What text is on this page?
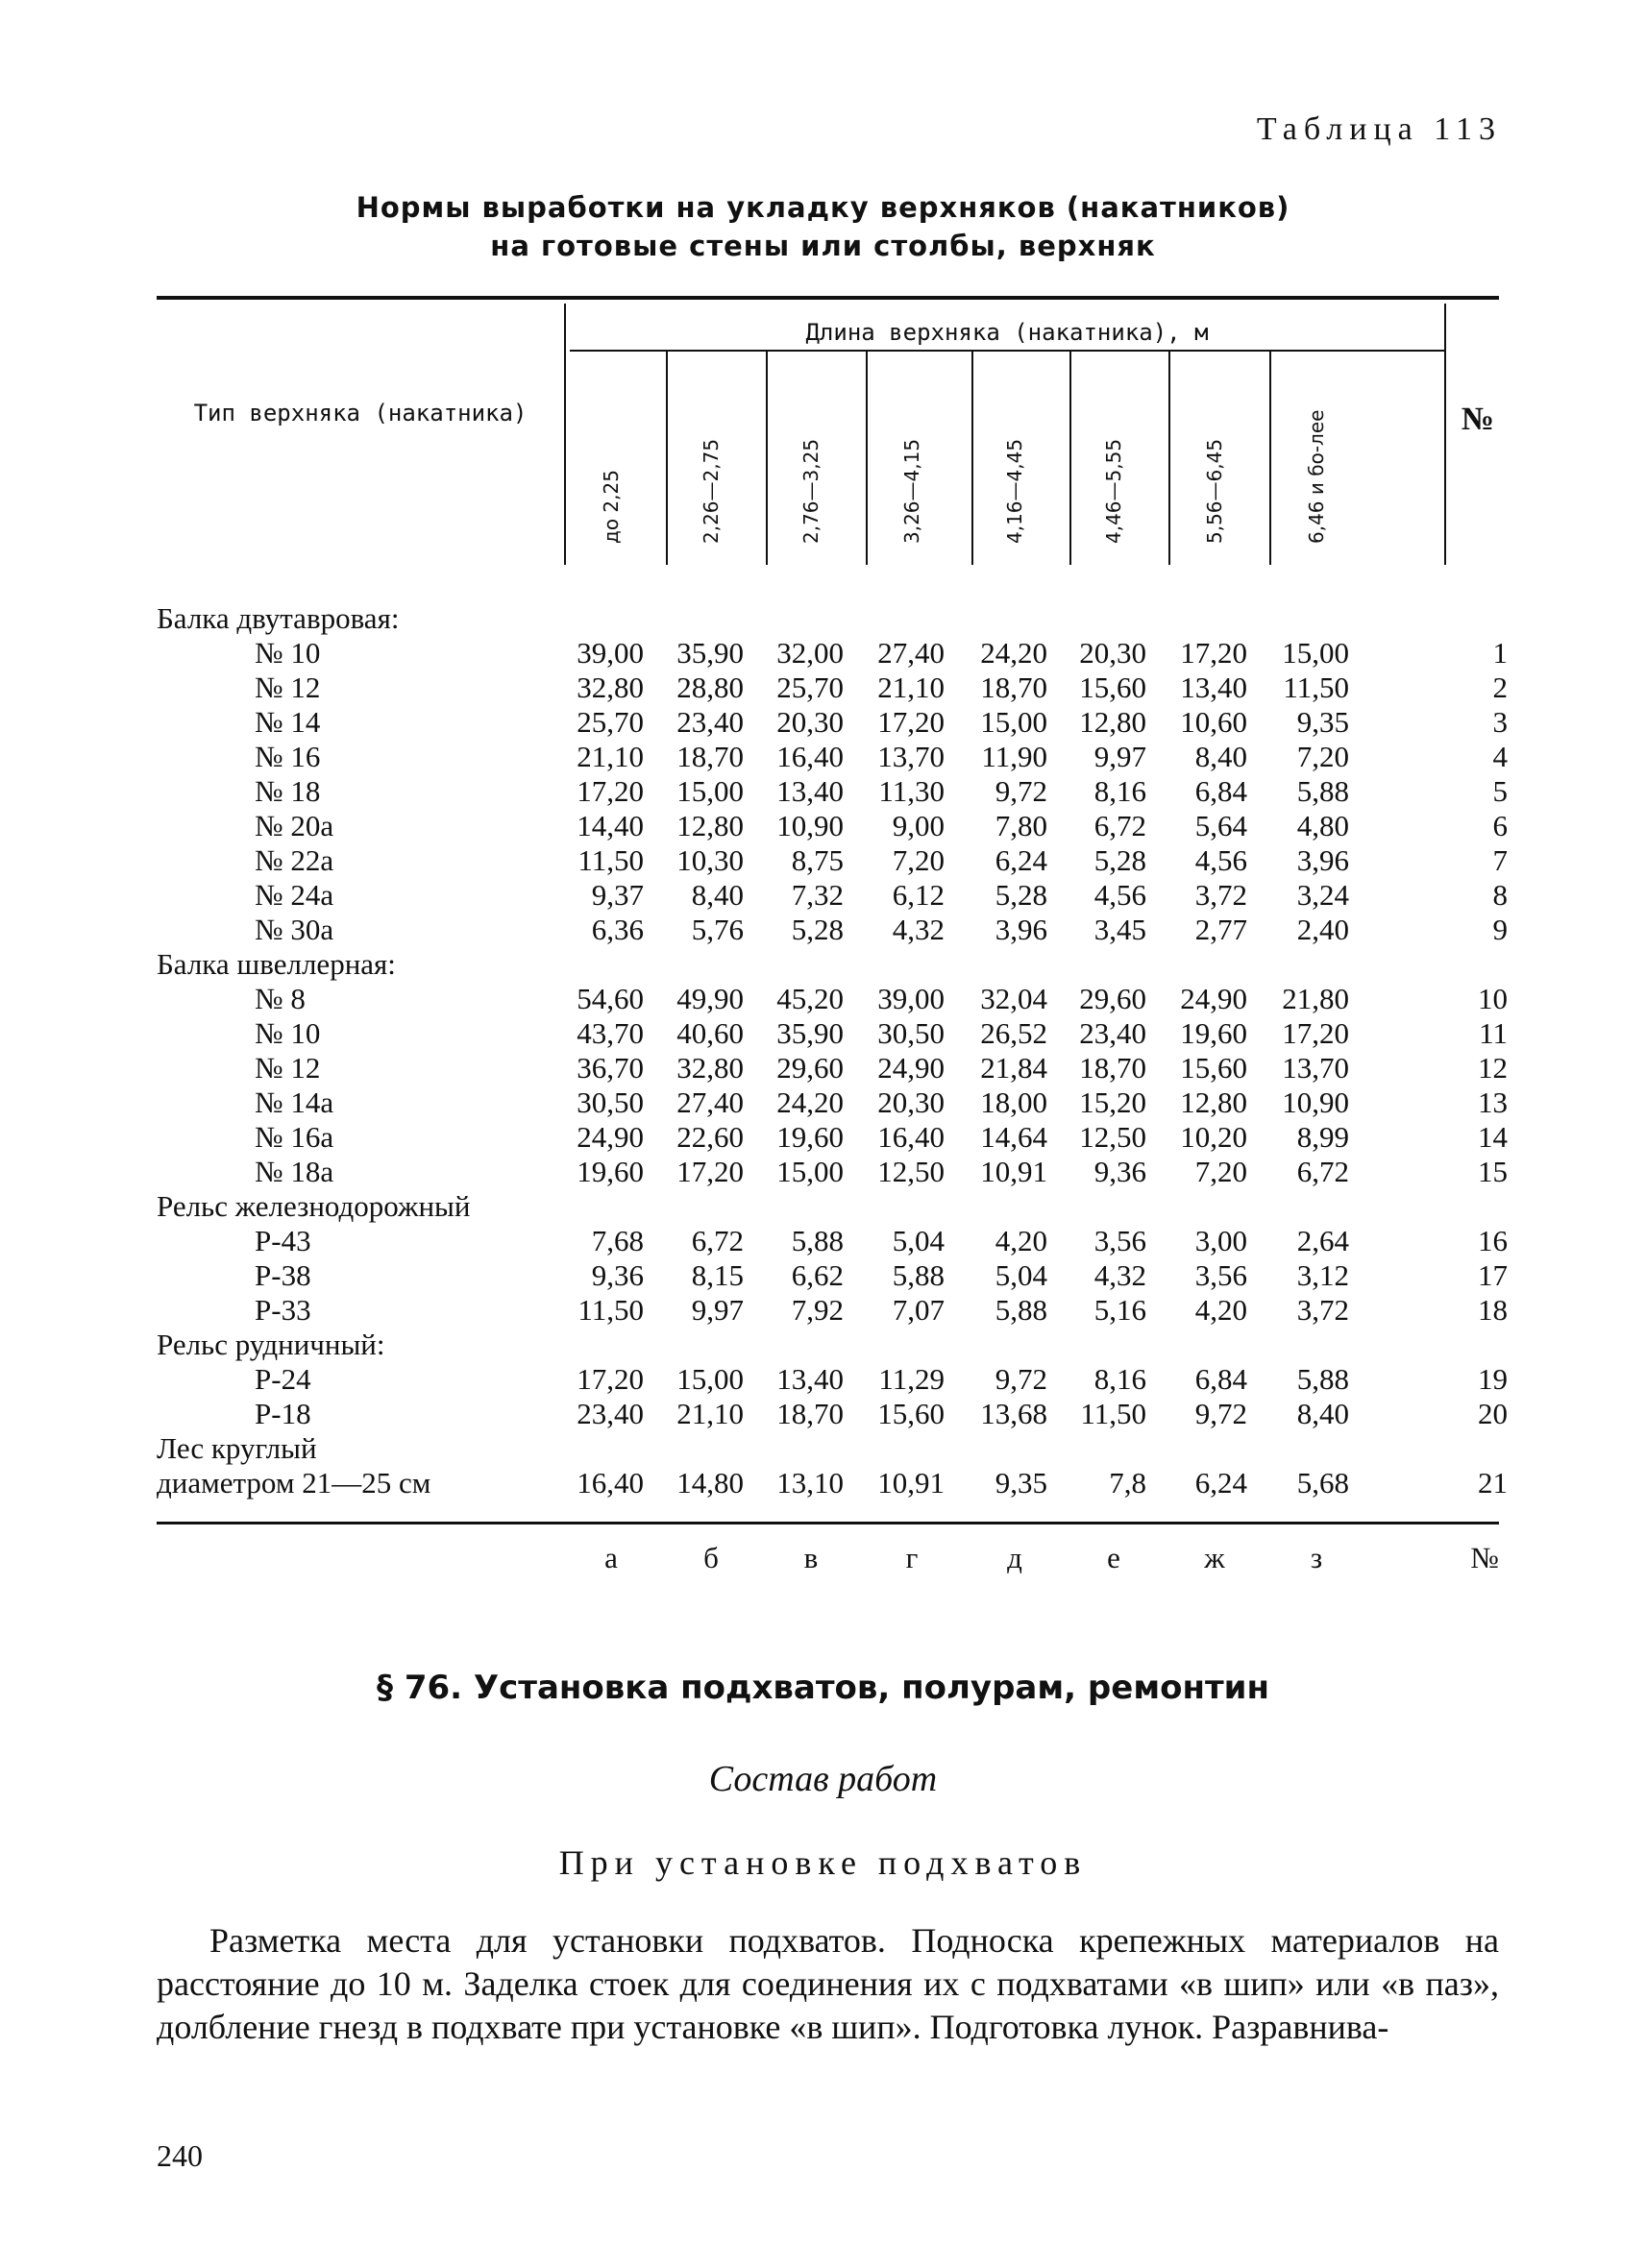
Таблица 113
Нормы выработки на укладку верхняков (накатников)
на готовые стены или столбы, верхняк
Тип верхняка (накатника)
Длина верхняка (накатника), м
№
до 2,25	2,26—2,75	2,76—3,25	3,26—4,15	4,16—4,45	4,46—5,55	5,56—6,45	6,46 и бо-лее
Балка двутавровая:
№ 10	39,00	35,90	32,00	27,40	24,20	20,30	17,20	15,00	1
№ 12	32,80	28,80	25,70	21,10	18,70	15,60	13,40	11,50	2
№ 14	25,70	23,40	20,30	17,20	15,00	12,80	10,60	9,35	3
№ 16	21,10	18,70	16,40	13,70	11,90	9,97	8,40	7,20	4
№ 18	17,20	15,00	13,40	11,30	9,72	8,16	6,84	5,88	5
№ 20а	14,40	12,80	10,90	9,00	7,80	6,72	5,64	4,80	6
№ 22а	11,50	10,30	8,75	7,20	6,24	5,28	4,56	3,96	7
№ 24а	9,37	8,40	7,32	6,12	5,28	4,56	3,72	3,24	8
№ 30а	6,36	5,76	5,28	4,32	3,96	3,45	2,77	2,40	9
Балка швеллерная:
№ 8	54,60	49,90	45,20	39,00	32,04	29,60	24,90	21,80	10
№ 10	43,70	40,60	35,90	30,50	26,52	23,40	19,60	17,20	11
№ 12	36,70	32,80	29,60	24,90	21,84	18,70	15,60	13,70	12
№ 14а	30,50	27,40	24,20	20,30	18,00	15,20	12,80	10,90	13
№ 16а	24,90	22,60	19,60	16,40	14,64	12,50	10,20	8,99	14
№ 18а	19,60	17,20	15,00	12,50	10,91	9,36	7,20	6,72	15
Рельс железнодорожный
Р-43	7,68	6,72	5,88	5,04	4,20	3,56	3,00	2,64	16
Р-38	9,36	8,15	6,62	5,88	5,04	4,32	3,56	3,12	17
Р-33	11,50	9,97	7,92	7,07	5,88	5,16	4,20	3,72	18
Рельс рудничный:
Р-24	17,20	15,00	13,40	11,29	9,72	8,16	6,84	5,88	19
Р-18	23,40	21,10	18,70	15,60	13,68	11,50	9,72	8,40	20
Лес круглый
диаметром 21—25 см	16,40	14,80	13,10	10,91	9,35	7,8	6,24	5,68	21
а	б	в	г	д	е	ж	з	№
§ 76. Установка подхватов, полурам, ремонтин
Состав работ
При установке подхватов
Разметка места для установки подхватов. Подноска крепежных материалов на расстояние до 10 м. Заделка стоек для соединения их с подхватами «в шип» или «в паз», долбление гнезд в подхвате при установке «в шип». Подготовка лунок. Разравнива-
240
